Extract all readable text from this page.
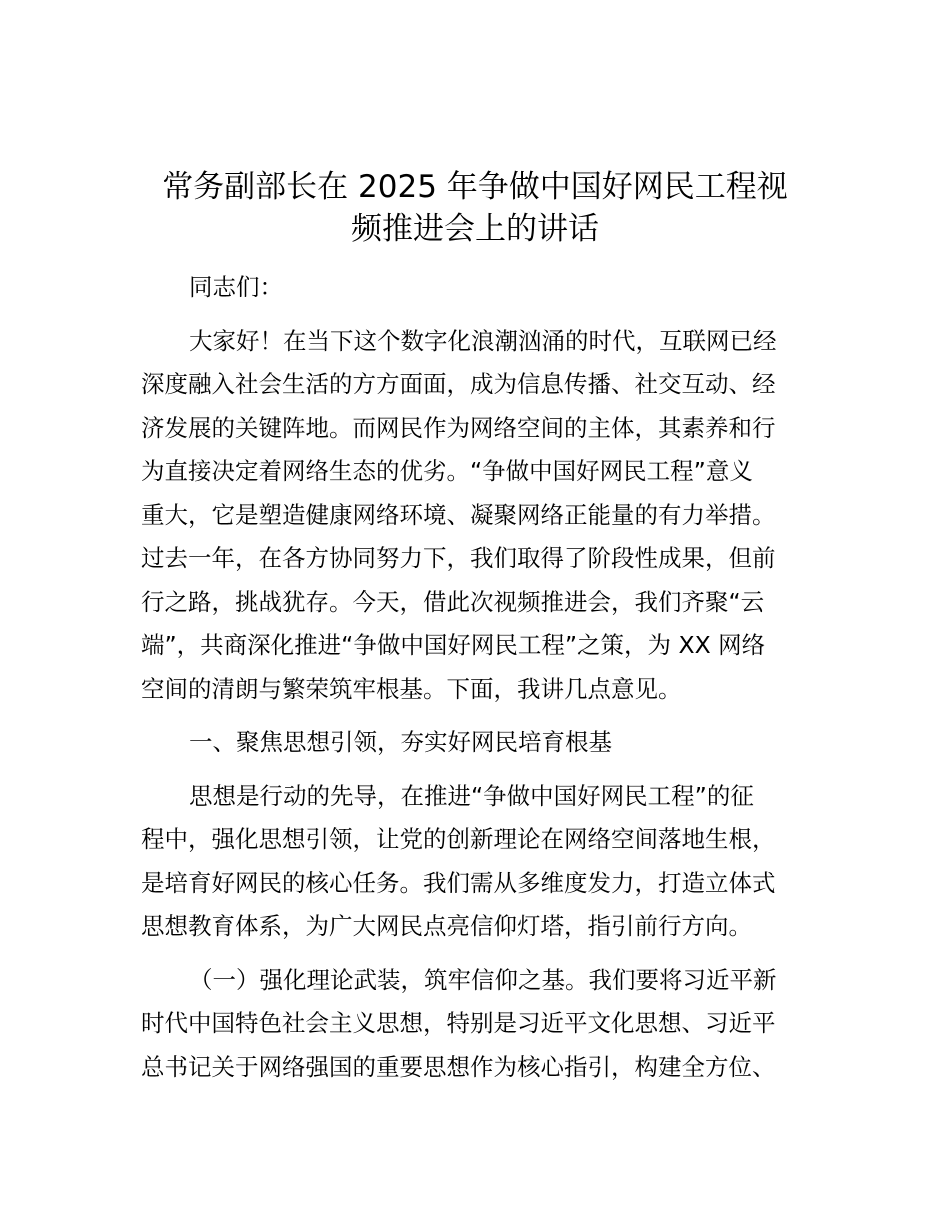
常务副部长在 2025 年争做中国好网民工程视
频推进会上的讲话
同志们：
大家好！在当下这个数字化浪潮汹涌的时代，互联网已经
深度融入社会生活的方方面面，成为信息传播、社交互动、经
济发展的关键阵地。而网民作为网络空间的主体，其素养和行
为直接决定着网络生态的优劣。“争做中国好网民工程”意义
重大，它是塑造健康网络环境、凝聚网络正能量的有力举措。
过去一年，在各方协同努力下，我们取得了阶段性成果，但前
行之路，挑战犹存。今天，借此次视频推进会，我们齐聚“云
端”，共商深化推进“争做中国好网民工程”之策，为 XX 网络
空间的清朗与繁荣筑牢根基。下面，我讲几点意见。
一、聚焦思想引领，夯实好网民培育根基
思想是行动的先导，在推进“争做中国好网民工程”的征
程中，强化思想引领，让党的创新理论在网络空间落地生根，
是培育好网民的核心任务。我们需从多维度发力，打造立体式
思想教育体系，为广大网民点亮信仰灯塔，指引前行方向。
（一）强化理论武装，筑牢信仰之基。我们要将习近平新
时代中国特色社会主义思想，特别是习近平文化思想、习近平
总书记关于网络强国的重要思想作为核心指引，构建全方位、
